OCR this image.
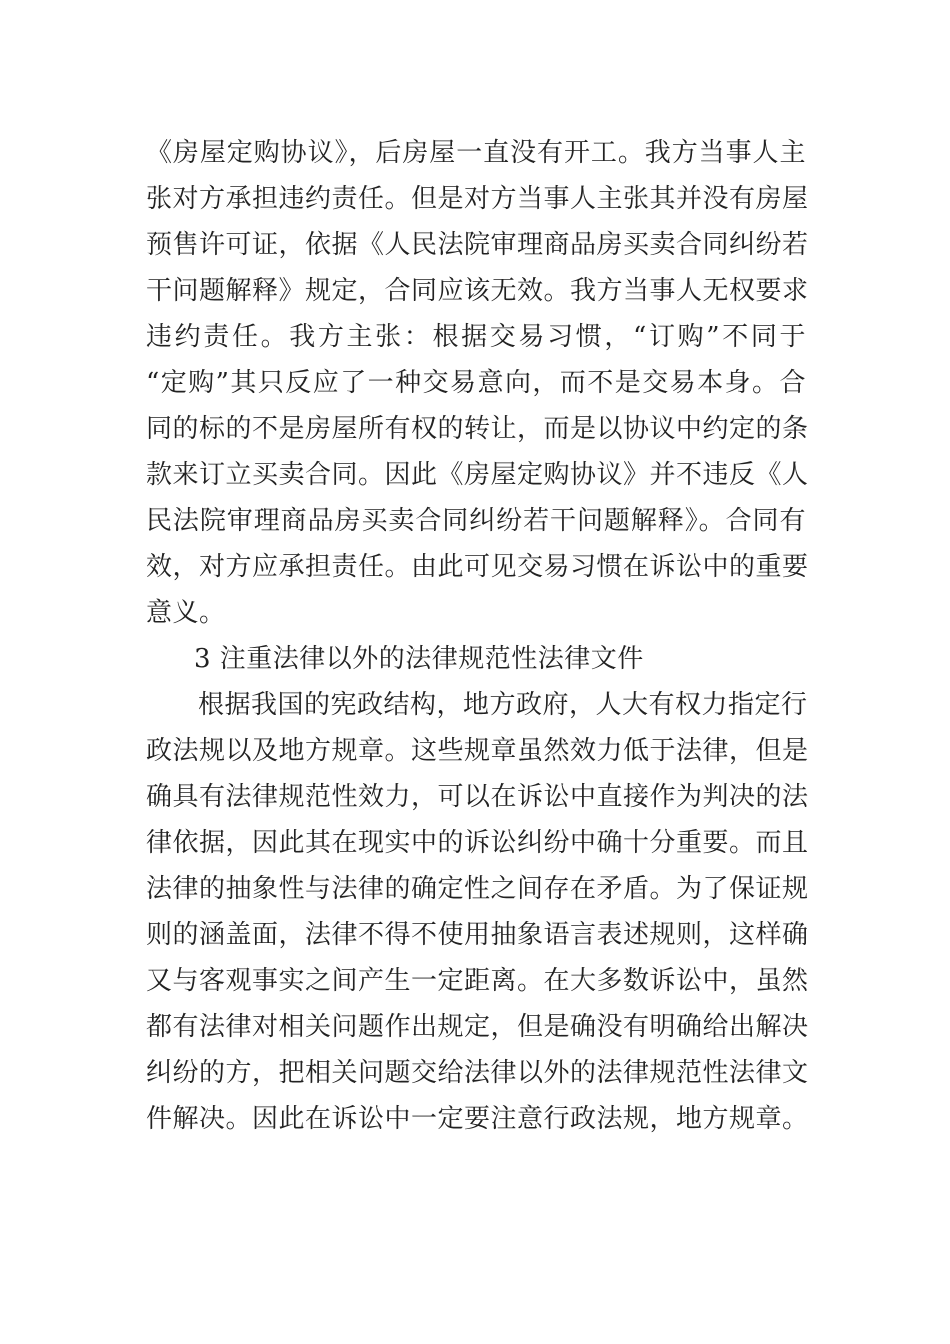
《房屋定购协议》，后房屋一直没有开工。我方当事人主
张对方承担违约责任。但是对方当事人主张其并没有房屋
预售许可证，依据《人民法院审理商品房买卖合同纠纷若
干问题解释》规定，合同应该无效。我方当事人无权要求
违约责任。我方主张：根据交易习惯，“订购”不同于
“定购”其只反应了一种交易意向，而不是交易本身。合
同的标的不是房屋所有权的转让，而是以协议中约定的条
款来订立买卖合同。因此《房屋定购协议》并不违反《人
民法院审理商品房买卖合同纠纷若干问题解释》。合同有
效，对方应承担责任。由此可见交易习惯在诉讼中的重要
意义。
3 注重法律以外的法律规范性法律文件
根据我国的宪政结构，地方政府，人大有权力指定行
政法规以及地方规章。这些规章虽然效力低于法律，但是
确具有法律规范性效力，可以在诉讼中直接作为判决的法
律依据，因此其在现实中的诉讼纠纷中确十分重要。而且
法律的抽象性与法律的确定性之间存在矛盾。为了保证规
则的涵盖面，法律不得不使用抽象语言表述规则，这样确
又与客观事实之间产生一定距离。在大多数诉讼中，虽然
都有法律对相关问题作出规定，但是确没有明确给出解决
纠纷的方，把相关问题交给法律以外的法律规范性法律文
件解决。因此在诉讼中一定要注意行政法规，地方规章。
